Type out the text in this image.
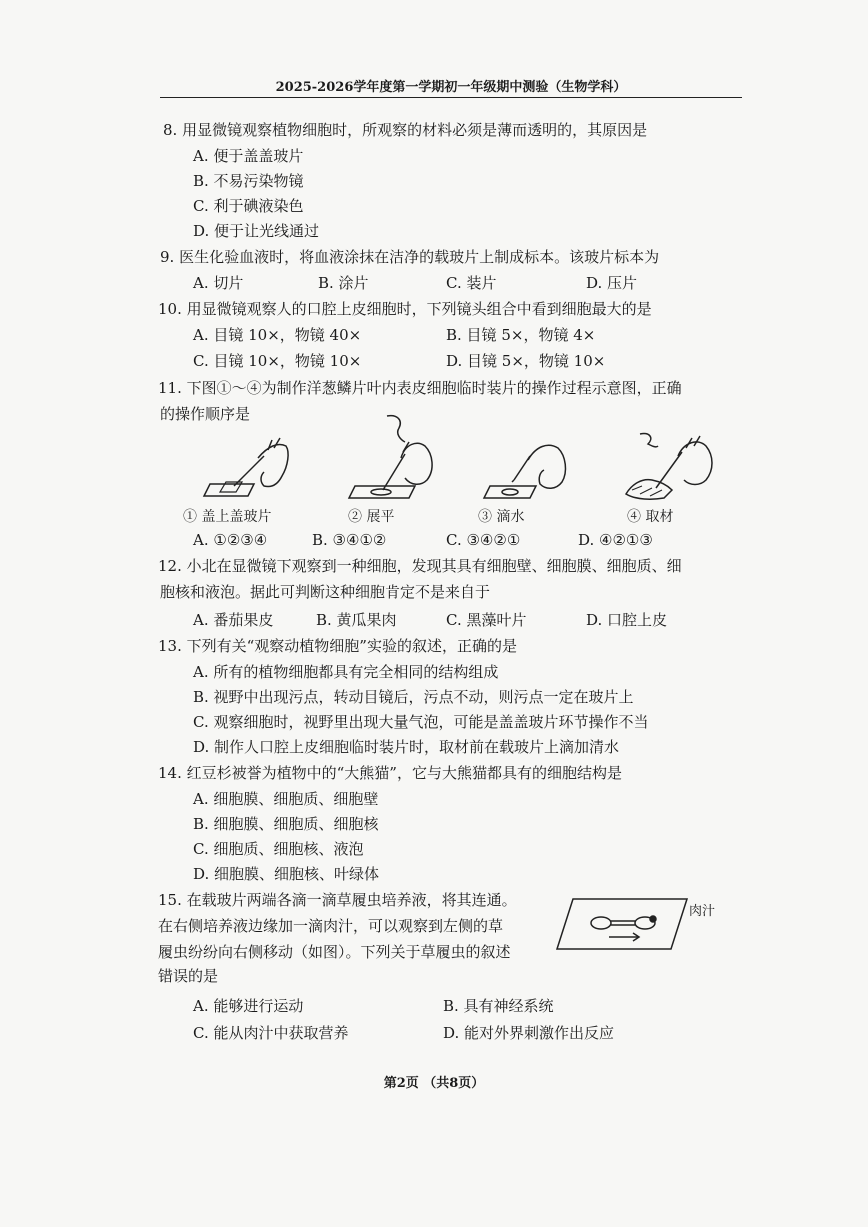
2025-2026学年度第一学期初一年级期中测验（生物学科）
8. 用显微镜观察植物细胞时，所观察的材料必须是薄而透明的，其原因是
A. 便于盖盖玻片
B. 不易污染物镜
C. 利于碘液染色
D. 便于让光线通过
9. 医生化验血液时，将血液涂抹在洁净的载玻片上制成标本。该玻片标本为
A. 切片	B. 涂片	C. 装片	D. 压片
10. 用显微镜观察人的口腔上皮细胞时，下列镜头组合中看到细胞最大的是
A. 目镜 10×，物镜 40×	B. 目镜 5×，物镜 4×
C. 目镜 10×，物镜 10×	D. 目镜 5×，物镜 10×
11. 下图①～④为制作洋葱鳞片叶内表皮细胞临时装片的操作过程示意图，正确
的操作顺序是
① 盖上盖玻片	② 展平	③ 滴水	④ 取材
A. ①②③④	B. ③④①②	C. ③④②①	D. ④②①③
12. 小北在显微镜下观察到一种细胞，发现其具有细胞壁、细胞膜、细胞质、细
胞核和液泡。据此可判断这种细胞肯定不是来自于
A. 番茄果皮	B. 黄瓜果肉	C. 黑藻叶片	D. 口腔上皮
13. 下列有关“观察动植物细胞”实验的叙述，正确的是
A. 所有的植物细胞都具有完全相同的结构组成
B. 视野中出现污点，转动目镜后，污点不动，则污点一定在玻片上
C. 观察细胞时，视野里出现大量气泡，可能是盖盖玻片环节操作不当
D. 制作人口腔上皮细胞临时装片时，取材前在载玻片上滴加清水
14. 红豆杉被誉为植物中的“大熊猫”，它与大熊猫都具有的细胞结构是
A. 细胞膜、细胞质、细胞壁
B. 细胞膜、细胞质、细胞核
C. 细胞质、细胞核、液泡
D. 细胞膜、细胞核、叶绿体
15. 在载玻片两端各滴一滴草履虫培养液，将其连通。
在右侧培养液边缘加一滴肉汁，可以观察到左侧的草
履虫纷纷向右侧移动（如图）。下列关于草履虫的叙述
错误的是
肉汁
A. 能够进行运动	B. 具有神经系统
C. 能从肉汁中获取营养	D. 能对外界刺激作出反应
第2页 （共8页）
